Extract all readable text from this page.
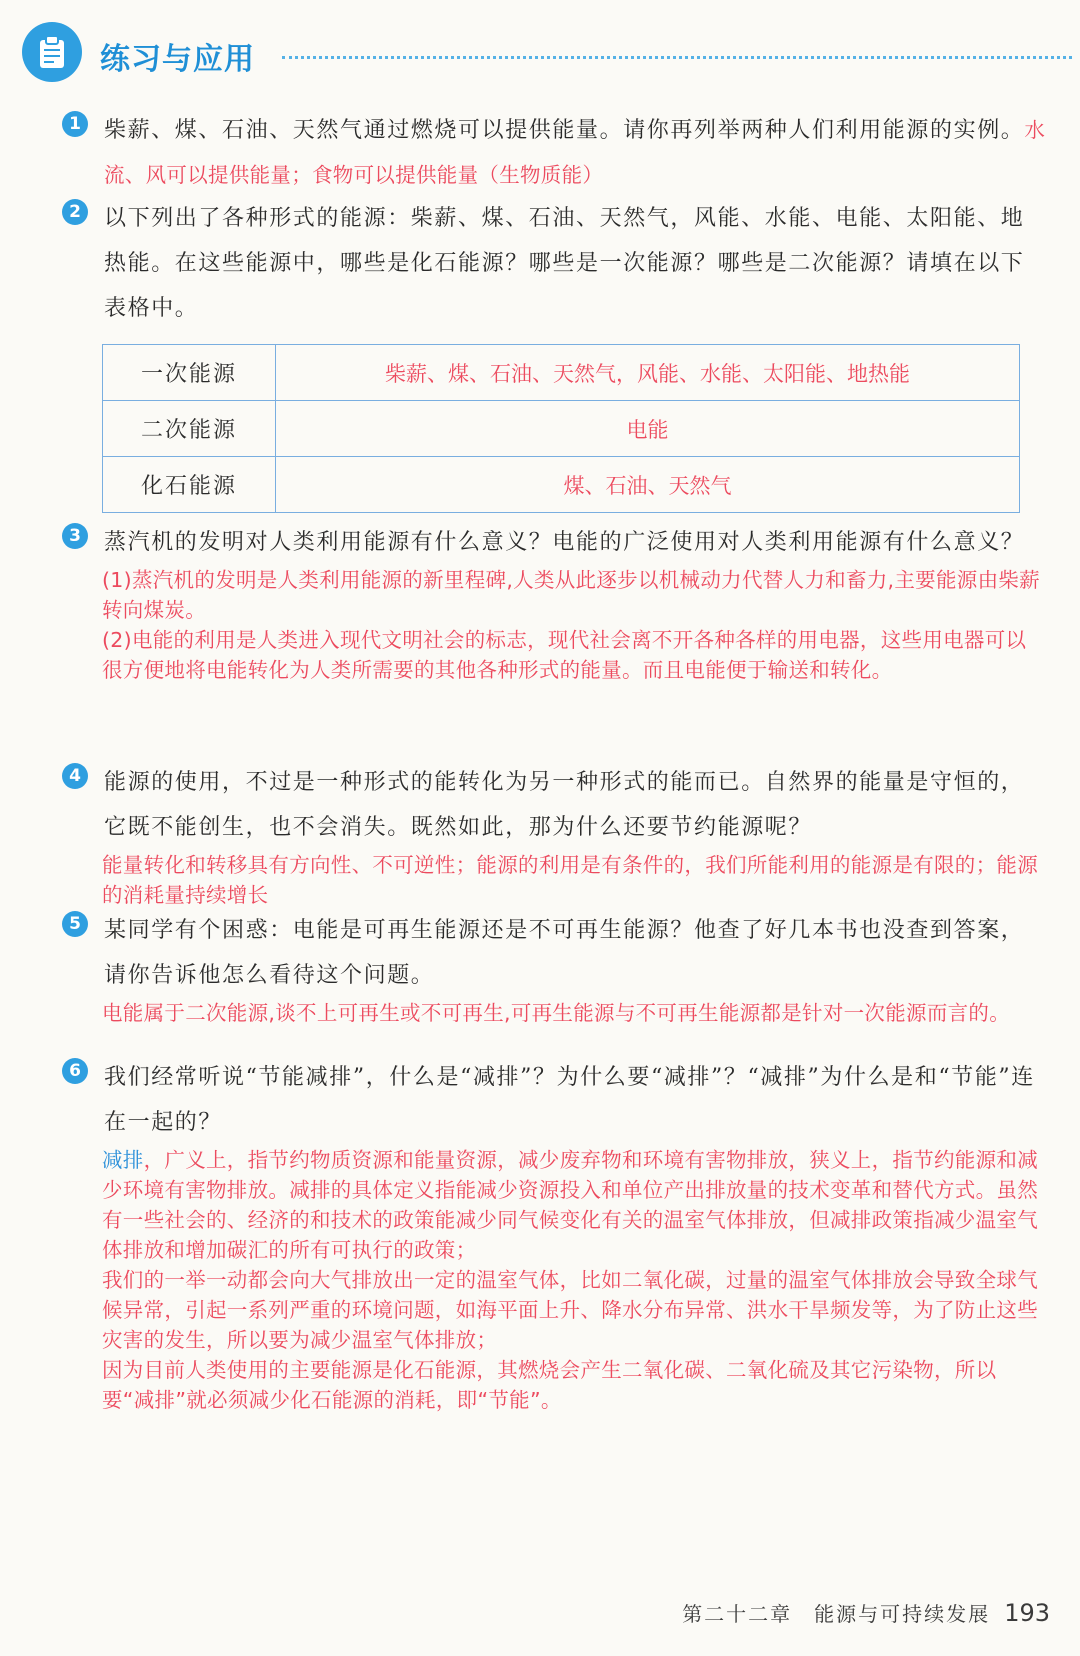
练习与应用
1	柴薪、煤、石油、天然气通过燃烧可以提供能量。请你再列举两种人们利用能源的实例。水流、风可以提供能量；食物可以提供能量（生物质能）
2	以下列出了各种形式的能源：柴薪、煤、石油、天然气，风能、水能、电能、太阳能、地热能。在这些能源中，哪些是化石能源？哪些是一次能源？哪些是二次能源？请填在以下表格中。
一次能源	柴薪、煤、石油、天然气，风能、水能、太阳能、地热能
二次能源	电能
化石能源	煤、石油、天然气
3	蒸汽机的发明对人类利用能源有什么意义？电能的广泛使用对人类利用能源有什么意义？

(1)蒸汽机的发明是人类利用能源的新里程碑,人类从此逐步以机械动力代替人力和畜力,主要能源由柴薪转向煤炭。

(2)电能的利用是人类进入现代文明社会的标志，现代社会离不开各种各样的用电器，这些用电器可以很方便地将电能转化为人类所需要的其他各种形式的能量。而且电能便于输送和转化。

4	能源的使用，不过是一种形式的能转化为另一种形式的能而已。自然界的能量是守恒的，它既不能创生，也不会消失。既然如此，那为什么还要节约能源呢？

能量转化和转移具有方向性、不可逆性；能源的利用是有条件的，我们所能利用的能源是有限的；能源的消耗量持续增长

5	某同学有个困惑：电能是可再生能源还是不可再生能源？他查了好几本书也没查到答案，请你告诉他怎么看待这个问题。

电能属于二次能源,谈不上可再生或不可再生,可再生能源与不可再生能源都是针对一次能源而言的。

6	我们经常听说“节能减排”，什么是“减排”？为什么要“减排”？“减排”为什么是和“节能”连在一起的？

减排，广义上，指节约物质资源和能量资源，减少废弃物和环境有害物排放，狭义上，指节约能源和减少环境有害物排放。减排的具体定义指能减少资源投入和单位产出排放量的技术变革和替代方式。虽然有一些社会的、经济的和技术的政策能减少同气候变化有关的温室气体排放，但减排政策指减少温室气体排放和增加碳汇的所有可执行的政策；

我们的一举一动都会向大气排放出一定的温室气体，比如二氧化碳，过量的温室气体排放会导致全球气候异常，引起一系列严重的环境问题，如海平面上升、降水分布异常、洪水干旱频发等，为了防止这些灾害的发生，所以要为减少温室气体排放；

因为目前人类使用的主要能源是化石能源，其燃烧会产生二氧化碳、二氧化硫及其它污染物，所以要“减排”就必须减少化石能源的消耗，即“节能”。

第二十二章　能源与可持续发展 193
